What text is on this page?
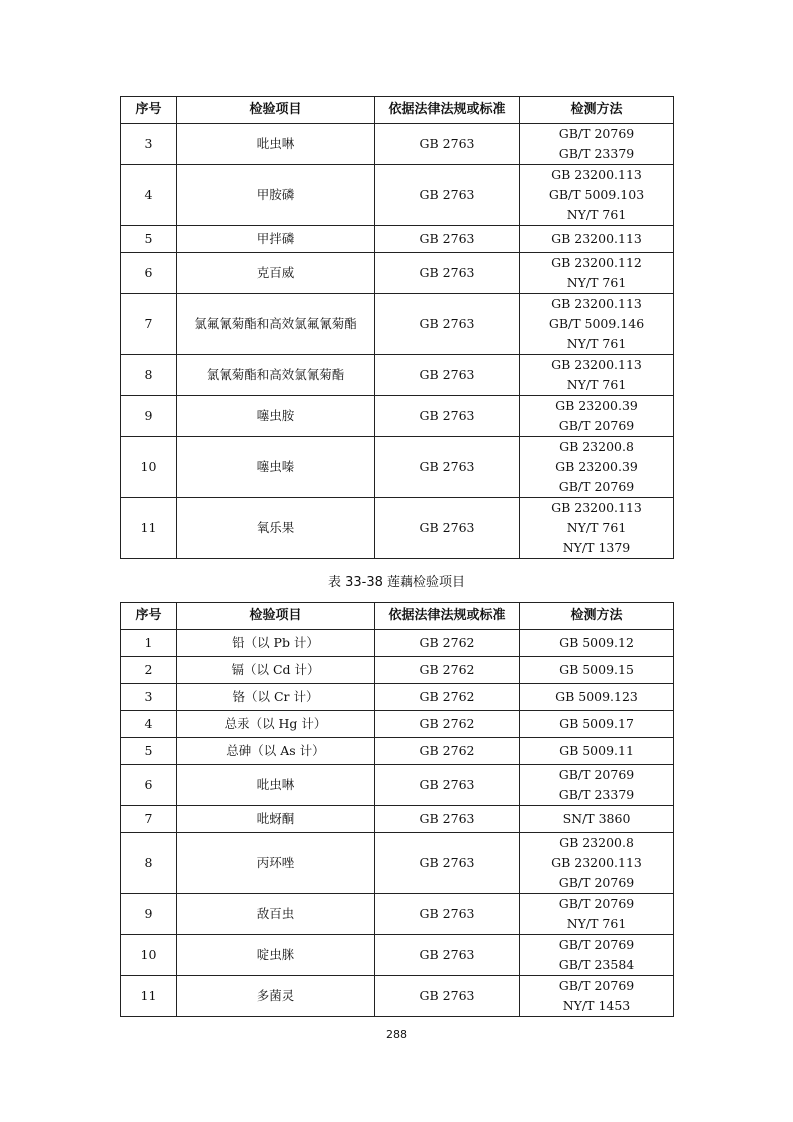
序号	检验项目	依据法律法规或标准	检测方法
3	吡虫啉	GB 2763	GB/T 20769
GB/T 23379

4	甲胺磷	GB 2763	GB 23200.113
GB/T 5009.103
NY/T 761

5	甲拌磷	GB 2763	GB 23200.113

6	克百威	GB 2763	GB 23200.112
NY/T 761

7	氯氟氰菊酯和高效氯氟氰菊酯	GB 2763	GB 23200.113
GB/T 5009.146
NY/T 761

8	氯氰菊酯和高效氯氰菊酯	GB 2763	GB 23200.113
NY/T 761

9	噻虫胺	GB 2763	GB 23200.39
GB/T 20769

10	噻虫嗪	GB 2763	GB 23200.8
GB 23200.39
GB/T 20769

11	氧乐果	GB 2763	GB 23200.113
NY/T 761
NY/T 1379
表 33-38 莲藕检验项目
序号	检验项目	依据法律法规或标准	检测方法
1	铅（以 Pb 计）	GB 2762	GB 5009.12

2	镉（以 Cd 计）	GB 2762	GB 5009.15

3	铬（以 Cr 计）	GB 2762	GB 5009.123

4	总汞（以 Hg 计）	GB 2762	GB 5009.17

5	总砷（以 As 计）	GB 2762	GB 5009.11

6	吡虫啉	GB 2763	GB/T 20769
GB/T 23379

7	吡蚜酮	GB 2763	SN/T 3860

8	丙环唑	GB 2763	GB 23200.8
GB 23200.113
GB/T 20769

9	敌百虫	GB 2763	GB/T 20769
NY/T 761

10	啶虫脒	GB 2763	GB/T 20769
GB/T 23584

11	多菌灵	GB 2763	GB/T 20769
NY/T 1453
288
